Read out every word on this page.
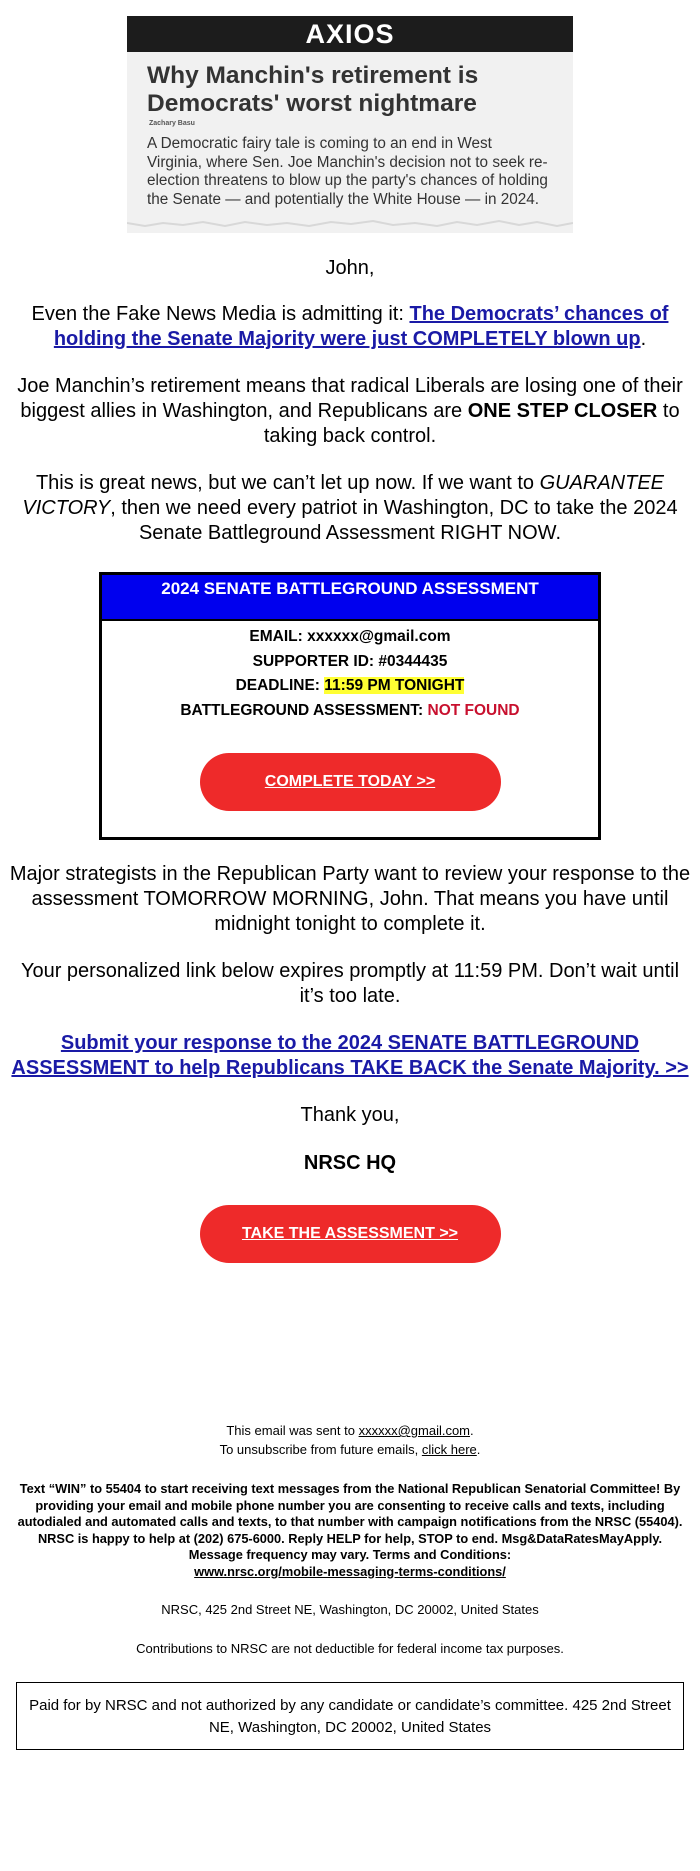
AXIOS
Why Manchin's retirement is Democrats' worst nightmare
Zachary Basu
A Democratic fairy tale is coming to an end in West Virginia, where Sen. Joe Manchin's decision not to seek re-election threatens to blow up the party's chances of holding the Senate — and potentially the White House — in 2024.
John,

Even the Fake News Media is admitting it: The Democrats’ chances of holding the Senate Majority were just COMPLETELY blown up.

Joe Manchin’s retirement means that radical Liberals are losing one of their biggest allies in Washington, and Republicans are ONE STEP CLOSER to taking back control.

This is great news, but we can’t let up now. If we want to GUARANTEE VICTORY, then we need every patriot in Washington, DC to take the 2024 Senate Battleground Assessment RIGHT NOW.

2024 SENATE BATTLEGROUND ASSESSMENT
EMAIL: xxxxxx@gmail.com
SUPPORTER ID: #0344435
DEADLINE: 11:59 PM TONIGHT
BATTLEGROUND ASSESSMENT: NOT FOUND
COMPLETE TODAY >>

Major strategists in the Republican Party want to review your response to the assessment TOMORROW MORNING, John. That means you have until midnight tonight to complete it.

Your personalized link below expires promptly at 11:59 PM. Don’t wait until it’s too late.

Submit your response to the 2024 SENATE BATTLEGROUND ASSESSMENT to help Republicans TAKE BACK the Senate Majority. >>

Thank you,

NRSC HQ
TAKE THE ASSESSMENT >>
This email was sent to xxxxxx@gmail.com.
To unsubscribe from future emails, click here.
Text “WIN” to 55404 to start receiving text messages from the National Republican Senatorial Committee! By providing your email and mobile phone number you are consenting to receive calls and texts, including autodialed and automated calls and texts, to that number with campaign notifications from the NRSC (55404). NRSC is happy to help at (202) 675-6000. Reply HELP for help, STOP to end. Msg&DataRatesMayApply. Message frequency may vary. Terms and Conditions:
www.nrsc.org/mobile-messaging-terms-conditions/
NRSC, 425 2nd Street NE, Washington, DC 20002, United States
Contributions to NRSC are not deductible for federal income tax purposes.
Paid for by NRSC and not authorized by any candidate or candidate’s committee. 425 2nd Street NE, Washington, DC 20002, United States
